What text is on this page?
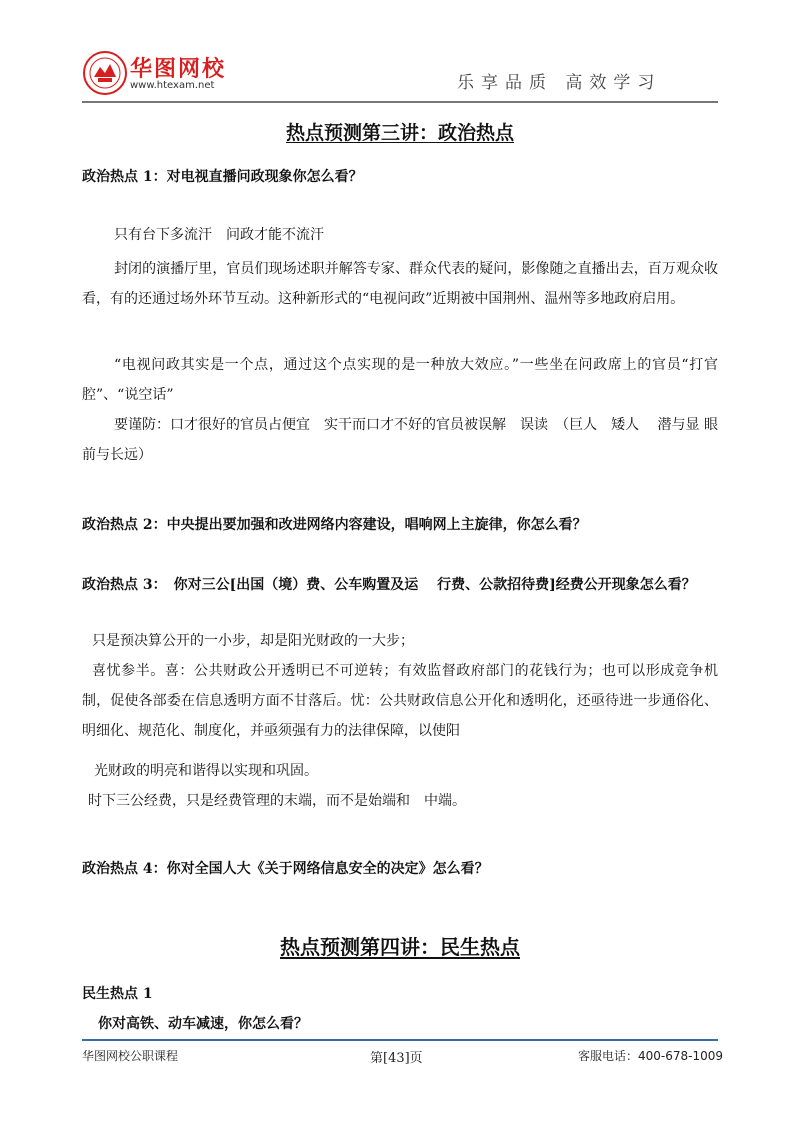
华图网校
www.htexam.net	乐享品质 高效学习
热点预测第三讲：政治热点
政治热点 1：对电视直播问政现象你怎么看？
只有台下多流汗　问政才能不流汗
封闭的演播厅里，官员们现场述职并解答专家、群众代表的疑问，影像随之直播出去，百万观众收看，有的还通过场外环节互动。这种新形式的“电视问政”近期被中国荆州、温州等多地政府启用。
“电视问政其实是一个点，通过这个点实现的是一种放大效应。”一些坐在问政席上的官员“打官腔”、“说空话”
要谨防：口才很好的官员占便宜　实干而口才不好的官员被误解　误读　（巨人　矮人　 潜与显 眼前与长远）
政治热点 2：中央提出要加强和改进网络内容建设，唱响网上主旋律，你怎么看？
政治热点 3：　你对三公[出国（境）费、公车购置及运　 行费、公款招待费]经费公开现象怎么看？
只是预决算公开的一小步，却是阳光财政的一大步；
喜忧参半。喜：公共财政公开透明已不可逆转；有效监督政府部门的花钱行为；也可以形成竞争机制，促使各部委在信息透明方面不甘落后。忧：公共财政信息公开化和透明化，还亟待进一步通俗化、明细化、规范化、制度化，并亟须强有力的法律保障，以使阳
光财政的明亮和谐得以实现和巩固。
时下三公经费，只是经费管理的末端，而不是始端和　中端。
政治热点 4：你对全国人大《关于网络信息安全的决定》怎么看？
热点预测第四讲：民生热点
民生热点 1
你对高铁、动车减速，你怎么看？
华图网校公职课程	第[43]页	客服电话：400-678-1009
